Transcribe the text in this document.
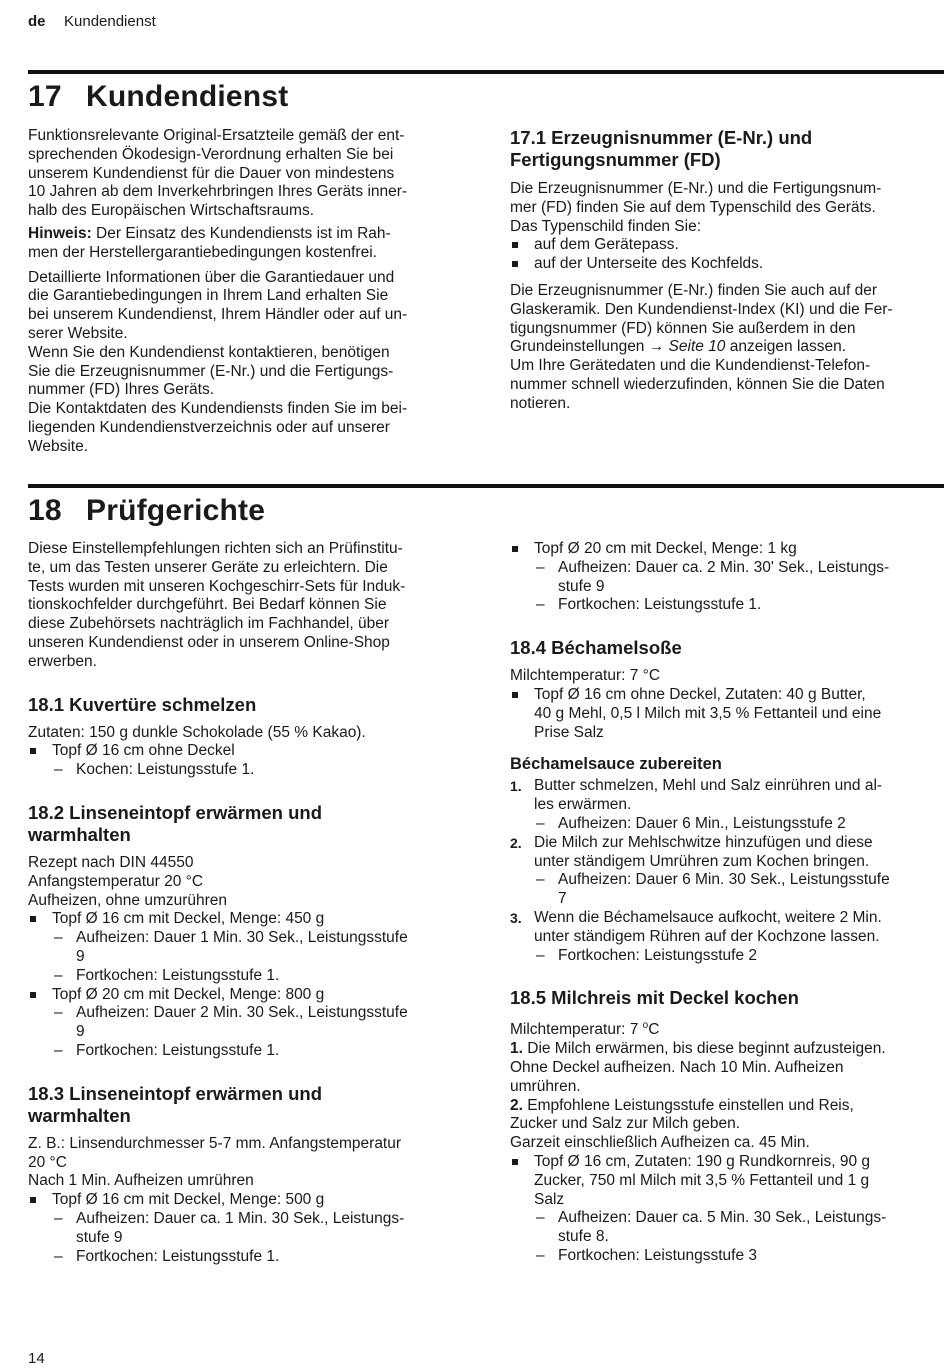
de Kundendienst
17 Kundendienst

Funktionsrelevante Original-Ersatzteile gemäß der ent-

sprechenden Ökodesign-Verordnung erhalten Sie bei

unserem Kundendienst für die Dauer von mindestens

10 Jahren ab dem Inverkehrbringen Ihres Geräts inner-

halb des Europäischen Wirtschaftsraums.

Hinweis: Der Einsatz des Kundendiensts ist im Rah-

men der Herstellergarantiebedingungen kostenfrei.

Detaillierte Informationen über die Garantiedauer und

die Garantiebedingungen in Ihrem Land erhalten Sie

bei unserem Kundendienst, Ihrem Händler oder auf un-

serer Website.

Wenn Sie den Kundendienst kontaktieren, benötigen

Sie die Erzeugnisnummer (E-Nr.) und die Fertigungs-

nummer (FD) Ihres Geräts.

Die Kontaktdaten des Kundendiensts finden Sie im bei-

liegenden Kundendienstverzeichnis oder auf unserer

Website.

17.1 Erzeugnisnummer (E-Nr.) und

Fertigungsnummer (FD)

Die Erzeugnisnummer (E-Nr.) und die Fertigungsnum-

mer (FD) finden Sie auf dem Typenschild des Geräts.

Das Typenschild finden Sie:

auf dem Gerätepass.

auf der Unterseite des Kochfelds.

Die Erzeugnisnummer (E-Nr.) finden Sie auch auf der

Glaskeramik. Den Kundendienst-Index (KI) und die Fer-

tigungsnummer (FD) können Sie außerdem in den

Grundeinstellungen → Seite 10 anzeigen lassen.

Um Ihre Gerätedaten und die Kundendienst-Telefon-

nummer schnell wiederzufinden, können Sie die Daten

notieren.

18 Prüfgerichte

Diese Einstellempfehlungen richten sich an Prüfinstitu-

te, um das Testen unserer Geräte zu erleichtern. Die

Tests wurden mit unseren Kochgeschirr-Sets für Induk-

tionskochfelder durchgeführt. Bei Bedarf können Sie

diese Zubehörsets nachträglich im Fachhandel, über

unseren Kundendienst oder in unserem Online-Shop

erwerben.

18.1 Kuvertüre schmelzen

Zutaten: 150 g dunkle Schokolade (55 % Kakao).

Topf Ø 16 cm ohne Deckel

– Kochen: Leistungsstufe 1.

18.2 Linseneintopf erwärmen und

warmhalten

Rezept nach DIN 44550

Anfangstemperatur 20 °C

Aufheizen, ohne umzurühren

Topf Ø 16 cm mit Deckel, Menge: 450 g

– Aufheizen: Dauer 1 Min. 30 Sek., Leistungsstufe

9

– Fortkochen: Leistungsstufe 1.

Topf Ø 20 cm mit Deckel, Menge: 800 g

– Aufheizen: Dauer 2 Min. 30 Sek., Leistungsstufe

9

– Fortkochen: Leistungsstufe 1.

18.3 Linseneintopf erwärmen und

warmhalten

Z. B.: Linsendurchmesser 5-7 mm. Anfangstemperatur

20 °C

Nach 1 Min. Aufheizen umrühren

Topf Ø 16 cm mit Deckel, Menge: 500 g

– Aufheizen: Dauer ca. 1 Min. 30 Sek., Leistungs-

stufe 9

– Fortkochen: Leistungsstufe 1.

Topf Ø 20 cm mit Deckel, Menge: 1 kg

– Aufheizen: Dauer ca. 2 Min. 30' Sek., Leistungs-

stufe 9

– Fortkochen: Leistungsstufe 1.

18.4 Béchamelsoße

Milchtemperatur: 7 °C

Topf Ø 16 cm ohne Deckel, Zutaten: 40 g Butter,

40 g Mehl, 0,5 l Milch mit 3,5 % Fettanteil und eine

Prise Salz

Béchamelsauce zubereiten

1. Butter schmelzen, Mehl und Salz einrühren und al-

les erwärmen.

– Aufheizen: Dauer 6 Min., Leistungsstufe 2

2. Die Milch zur Mehlschwitze hinzufügen und diese

unter ständigem Umrühren zum Kochen bringen.

– Aufheizen: Dauer 6 Min. 30 Sek., Leistungsstufe

7

3. Wenn die Béchamelsauce aufkocht, weitere 2 Min.

unter ständigem Rühren auf der Kochzone lassen.

– Fortkochen: Leistungsstufe 2

18.5 Milchreis mit Deckel kochen

Milchtemperatur: 7 $^o$C

1. Die Milch erwärmen, bis diese beginnt aufzusteigen.

Ohne Deckel aufheizen. Nach 10 Min. Aufheizen

umrühren.

2. Empfohlene Leistungsstufe einstellen und Reis,

Zucker und Salz zur Milch geben.

Garzeit einschließlich Aufheizen ca. 45 Min.

Topf Ø 16 cm, Zutaten: 190 g Rundkornreis, 90 g

Zucker, 750 ml Milch mit 3,5 % Fettanteil und 1 g

Salz

– Aufheizen: Dauer ca. 5 Min. 30 Sek., Leistungs-

stufe 8.

– Fortkochen: Leistungsstufe 3

14
